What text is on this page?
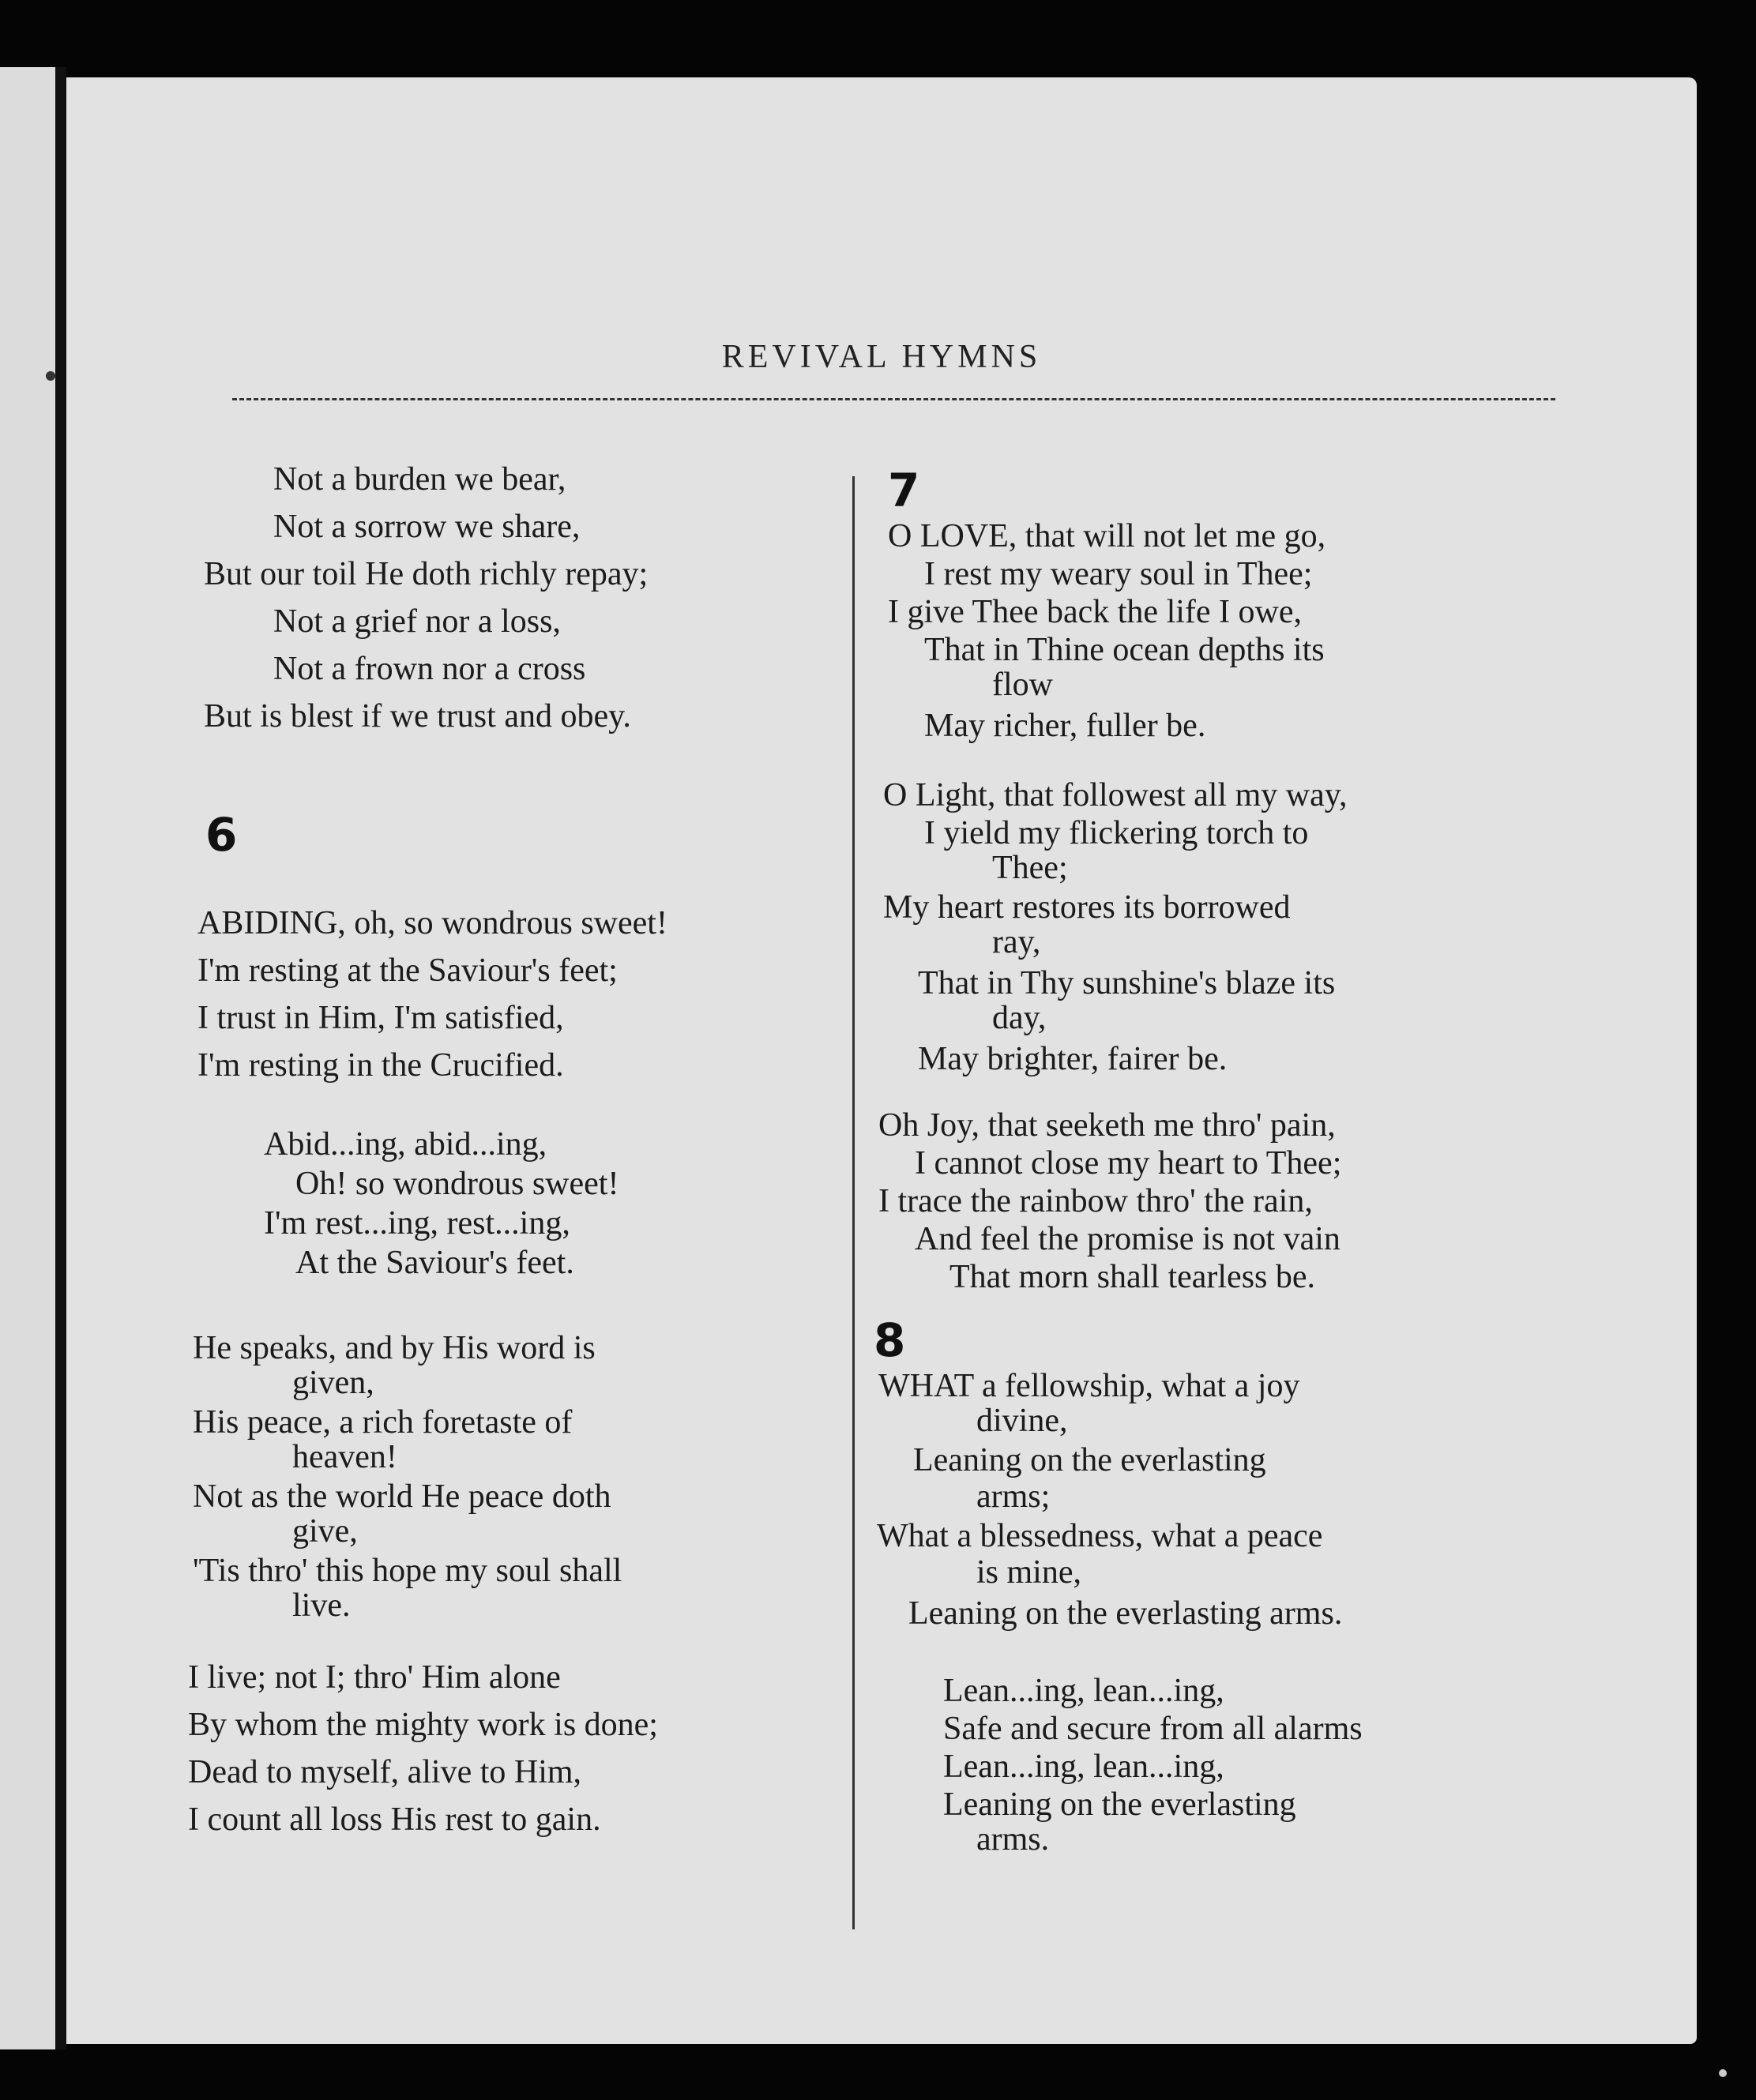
REVIVAL HYMNS
Not a burden we bear,
Not a sorrow we share,
But our toil He doth richly repay;
Not a grief nor a loss,
Not a frown nor a cross
But is blest if we trust and obey.
6
ABIDING, oh, so wondrous sweet!
I'm resting at the Saviour's feet;
I trust in Him, I'm satisfied,
I'm resting in the Crucified.
Abid...ing, abid...ing,
Oh! so wondrous sweet!
I'm rest...ing, rest...ing,
At the Saviour's feet.
He speaks, and by His word is
given,
His peace, a rich foretaste of
heaven!
Not as the world He peace doth
give,
'Tis thro' this hope my soul shall
live.
I live; not I; thro' Him alone
By whom the mighty work is done;
Dead to myself, alive to Him,
I count all loss His rest to gain.
7
O LOVE, that will not let me go,
I rest my weary soul in Thee;
I give Thee back the life I owe,
That in Thine ocean depths its
flow
May richer, fuller be.
O Light, that followest all my way,
I yield my flickering torch to
Thee;
My heart restores its borrowed
ray,
That in Thy sunshine's blaze its
day,
May brighter, fairer be.
Oh Joy, that seeketh me thro' pain,
I cannot close my heart to Thee;
I trace the rainbow thro' the rain,
And feel the promise is not vain
That morn shall tearless be.
8
WHAT a fellowship, what a joy
divine,
Leaning on the everlasting
arms;
What a blessedness, what a peace
is mine,
Leaning on the everlasting arms.
Lean...ing, lean...ing,
Safe and secure from all alarms
Lean...ing, lean...ing,
Leaning on the everlasting
arms.
